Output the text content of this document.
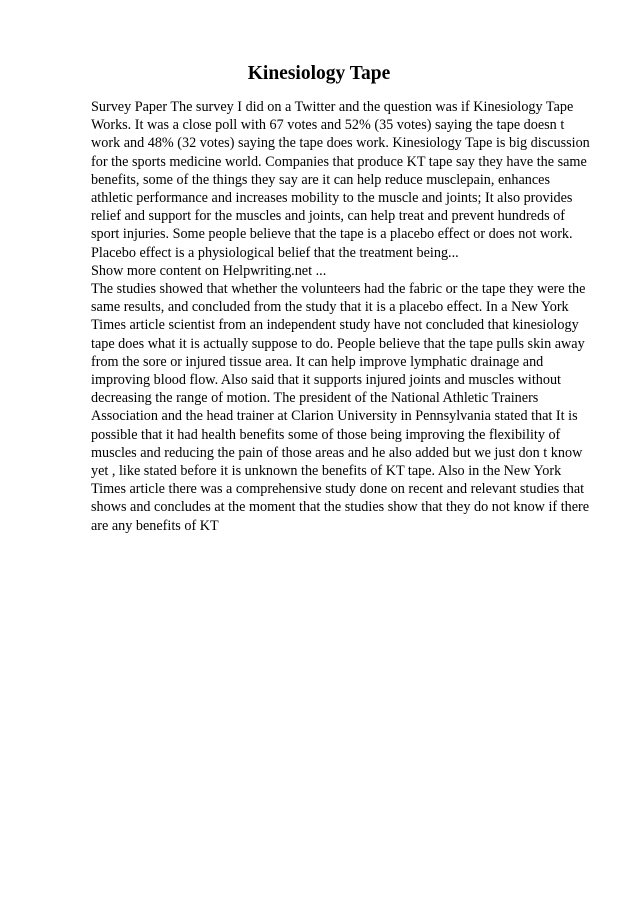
Kinesiology Tape

Survey Paper The survey I did on a Twitter and the question was if Kinesiology Tape Works. It was a close poll with 67 votes and 52% (35 votes) saying the tape doesn t work and 48% (32 votes) saying the tape does work. Kinesiology Tape is big discussion for the sports medicine world. Companies that produce KT tape say they have the same benefits, some of the things they say are it can help reduce musclepain, enhances athletic performance and increases mobility to the muscle and joints; It also provides relief and support for the muscles and joints, can help treat and prevent hundreds of sport injuries. Some people believe that the tape is a placebo effect or does not work. Placebo effect is a physiological belief that the treatment being...

Show more content on Helpwriting.net ...

The studies showed that whether the volunteers had the fabric or the tape they were the same results, and concluded from the study that it is a placebo effect. In a New York Times article scientist from an independent study have not concluded that kinesiology tape does what it is actually suppose to do. People believe that the tape pulls skin away from the sore or injured tissue area. It can help improve lymphatic drainage and improving blood flow. Also said that it supports injured joints and muscles without decreasing the range of motion. The president of the National Athletic Trainers Association and the head trainer at Clarion University in Pennsylvania stated that It is possible that it had health benefits some of those being improving the flexibility of muscles and reducing the pain of those areas and he also added but we just don t know yet , like stated before it is unknown the benefits of KT tape. Also in the New York Times article there was a comprehensive study done on recent and relevant studies that shows and concludes at the moment that the studies show that they do not know if there are any benefits of KT
